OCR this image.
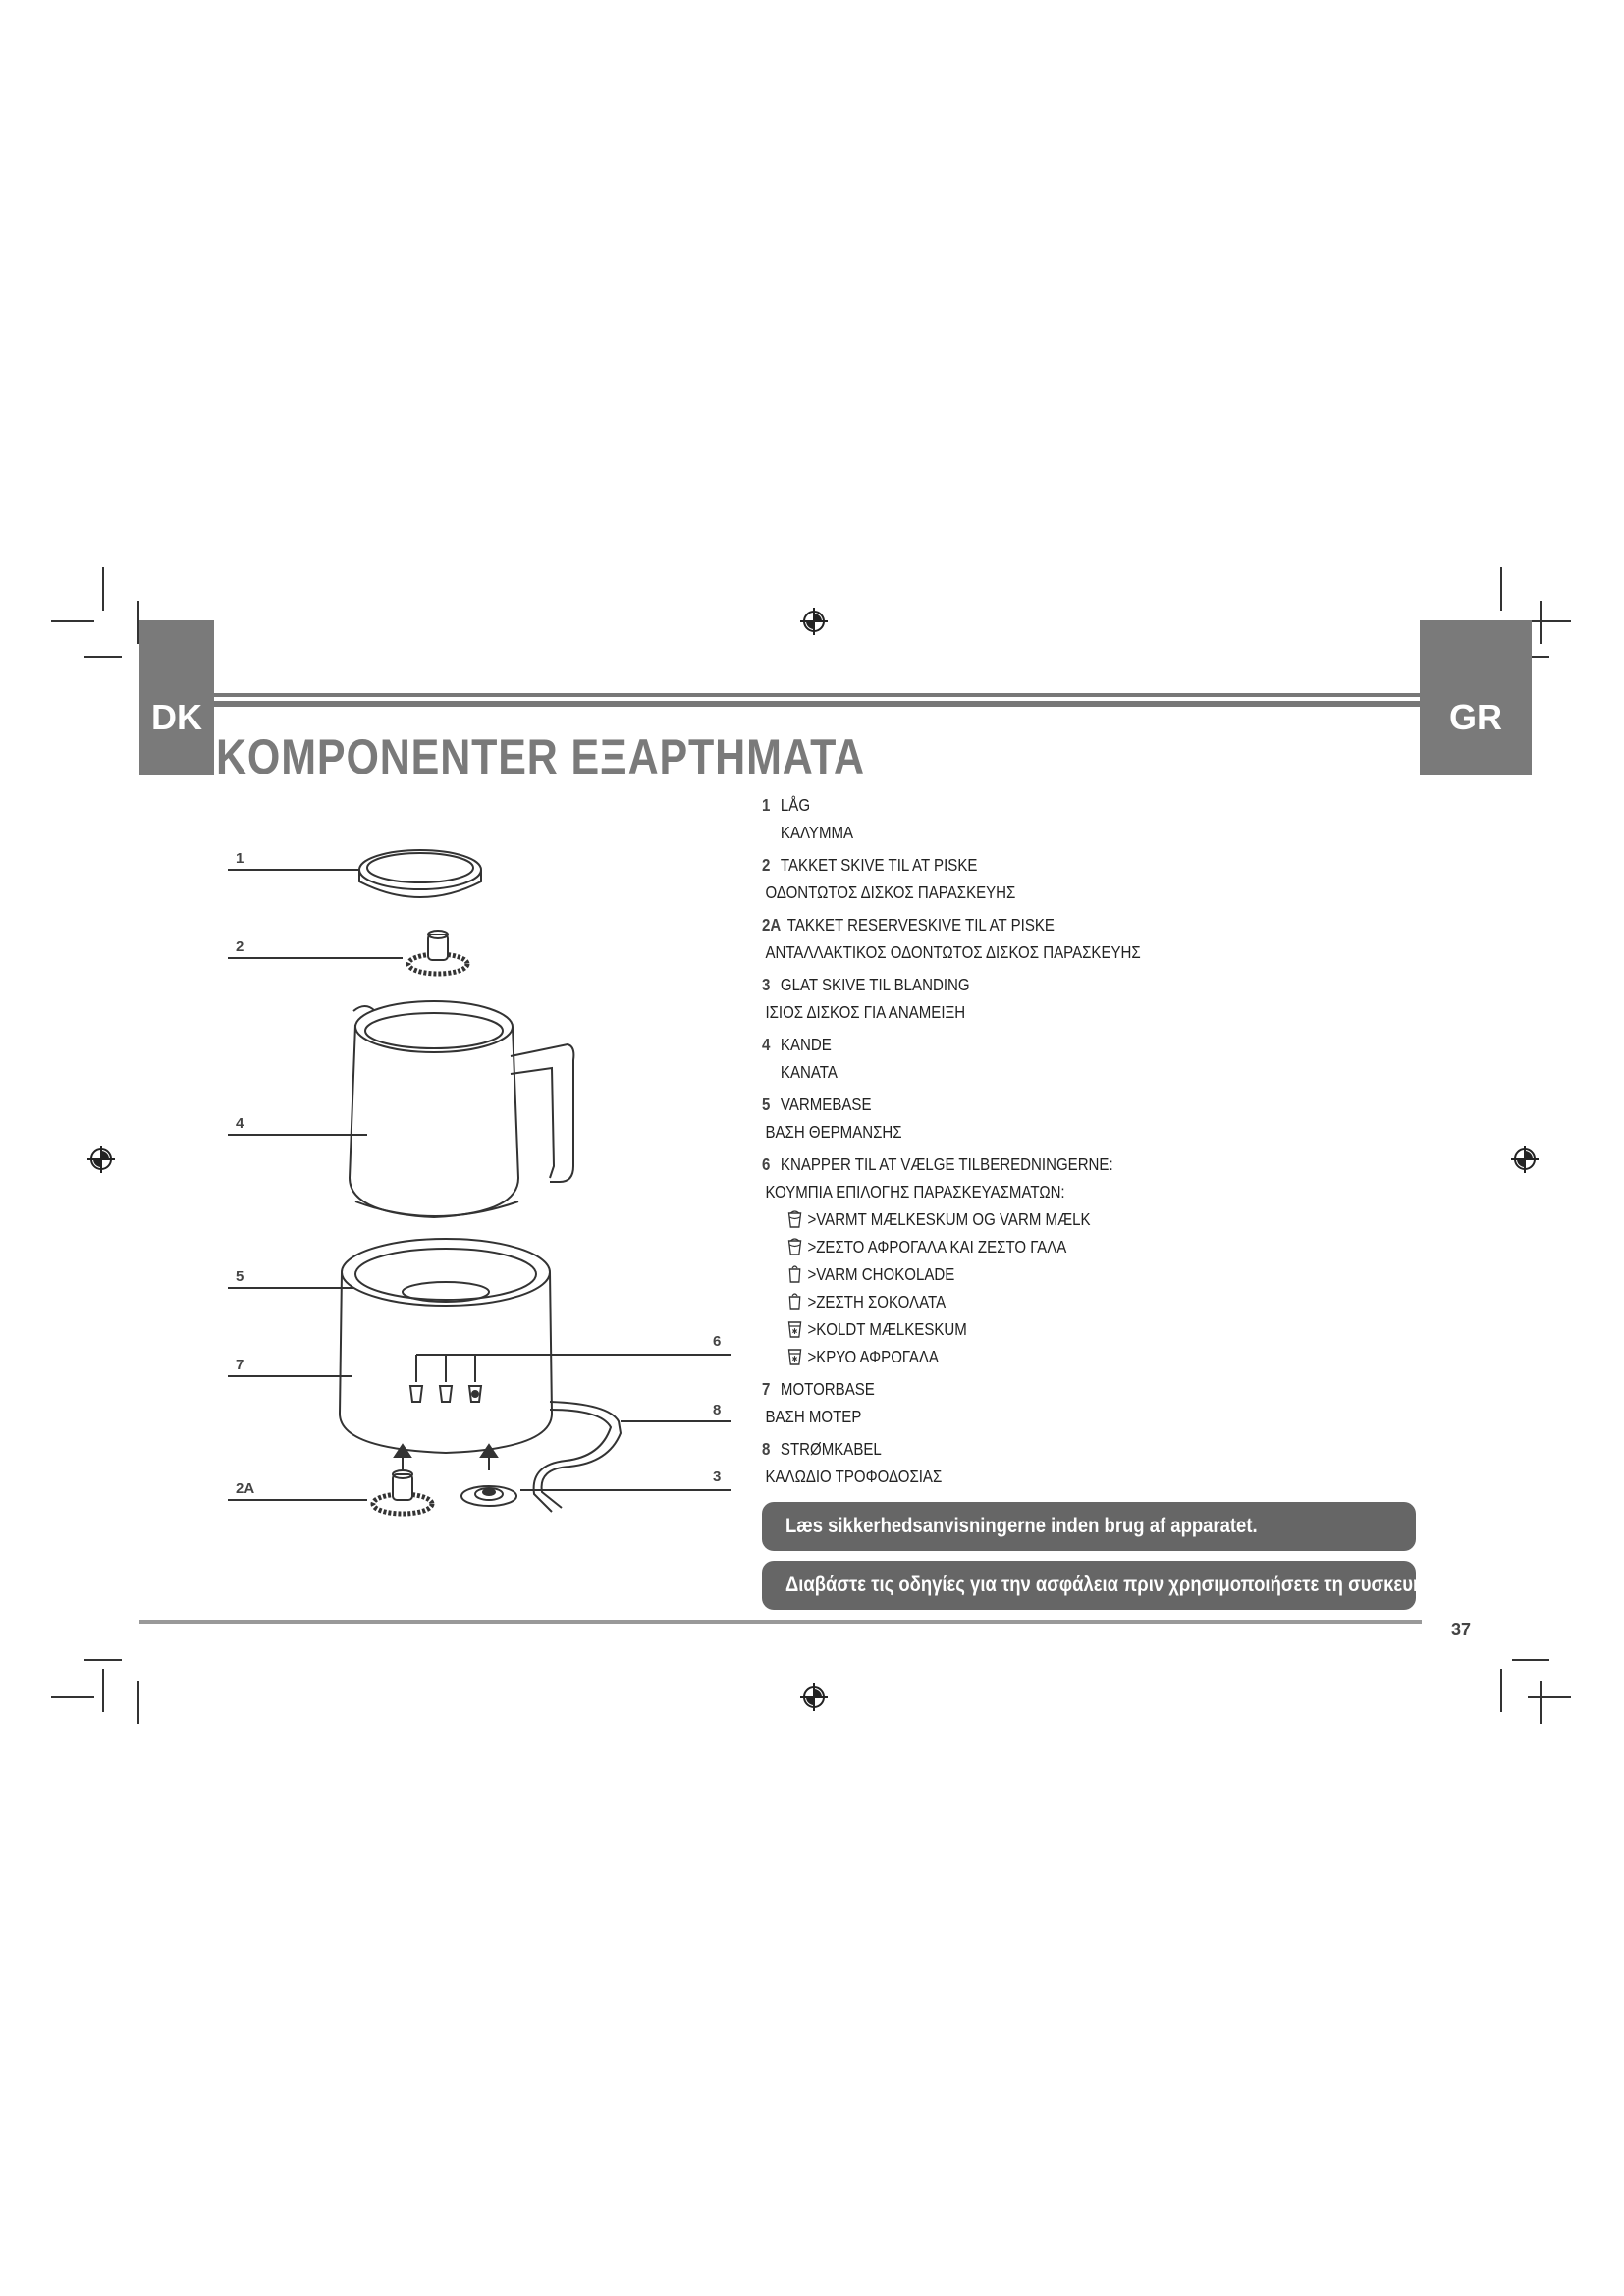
DK	GR
KOMPONENTER ΕΞΑΡΤΗΜΑΤΑ
1
2
4
5
7
2A
6
8
3
1 LÅG
ΚΑΛΥΜΜΑ
2 TAKKET SKIVE TIL AT PISKE
ΟΔΟΝΤΩΤΟΣ ΔΙΣΚΟΣ ΠΑΡΑΣΚΕΥΗΣ
2A TAKKET RESERVESKIVE TIL AT PISKE
ΑΝΤΑΛΛΑΚΤΙΚΟΣ ΟΔΟΝΤΩΤΟΣ ΔΙΣΚΟΣ ΠΑΡΑΣΚΕΥΗΣ
3 GLAT SKIVE TIL BLANDING
ΙΣΙΟΣ ΔΙΣΚΟΣ ΓΙΑ ΑΝΑΜΕΙΞΗ
4 KANDE
ΚΑΝΑΤΑ
5 VARMEBASE
ΒΑΣΗ ΘΕΡΜΑΝΣΗΣ
6 KNAPPER TIL AT VÆLGE TILBEREDNINGERNE:
ΚΟΥΜΠΙΑ ΕΠΙΛΟΓΗΣ ΠΑΡΑΣΚΕΥΑΣΜΑΤΩΝ:
>VARMT MÆLKESKUM OG VARM MÆLK
>ΖΕΣΤΟ ΑΦΡΟΓΑΛΑ ΚΑΙ ΖΕΣΤΟ ΓΑΛΑ
>VARM CHOKOLADE
>ΖΕΣΤΗ ΣΟΚΟΛΑΤΑ
✱ >KOLDT MÆLKESKUM
✱ >ΚΡΥΟ ΑΦΡΟΓΑΛΑ
7 MOTORBASE
ΒΑΣΗ ΜΟΤΕΡ
8 STRØMKABEL
ΚΑΛΩΔΙΟ ΤΡΟΦΟΔΟΣΙΑΣ
Læs sikkerhedsanvisningerne inden brug af apparatet.
Διαβάστε τις οδηγίες για την ασφάλεια πριν χρησιμοποιήσετε τη συσκευή.
37
